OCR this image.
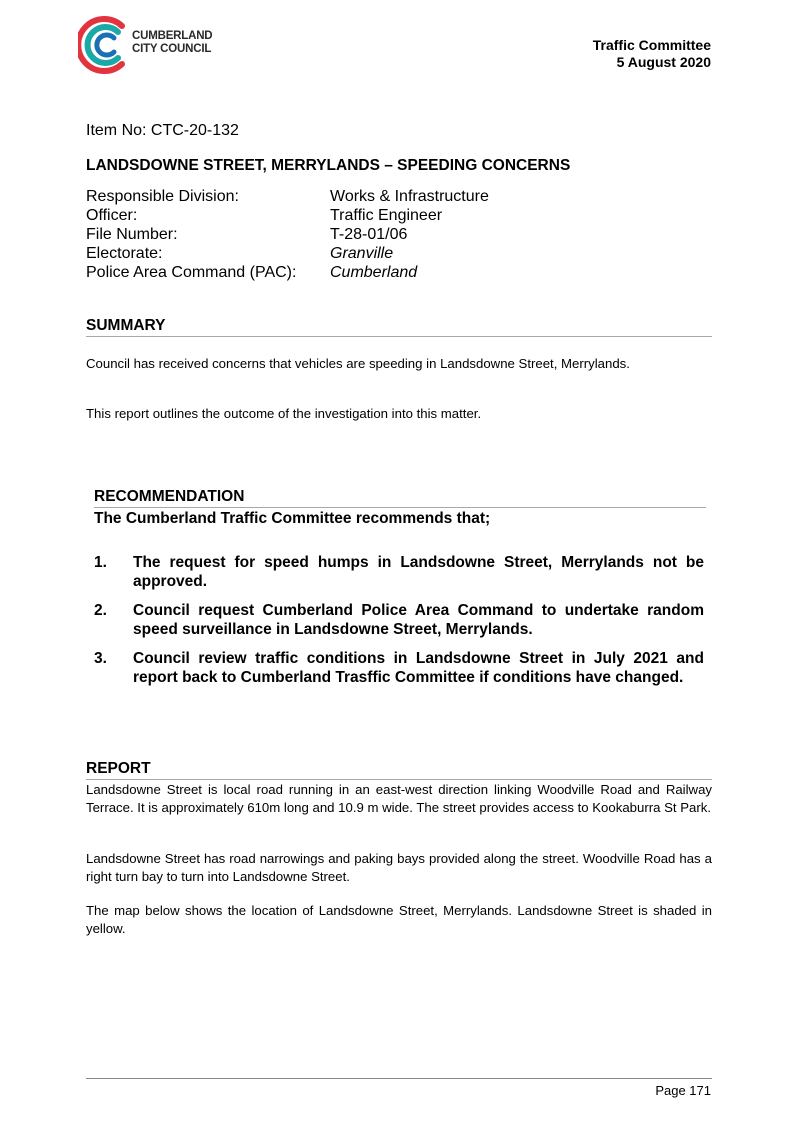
CUMBERLAND
CITY COUNCIL	Traffic Committee
5 August 2020
Item No: CTC-20-132
LANDSDOWNE STREET, MERRYLANDS – SPEEDING CONCERNS
Responsible Division:	Works & Infrastructure
Officer:	Traffic Engineer
File Number:	T-28-01/06
Electorate:	Granville
Police Area Command (PAC):	Cumberland
SUMMARY
Council has received concerns that vehicles are speeding in Landsdowne Street, Merrylands.
This report outlines the outcome of the investigation into this matter.
RECOMMENDATION
The Cumberland Traffic Committee recommends that;
1.	The request for speed humps in Landsdowne Street, Merrylands not be approved.
2.	Council request Cumberland Police Area Command to undertake random speed surveillance in Landsdowne Street, Merrylands.
3.	Council review traffic conditions in Landsdowne Street in July 2021 and report back to Cumberland Trasffic Committee if conditions have changed.
REPORT
Landsdowne Street is local road running in an east-west direction linking Woodville Road and Railway Terrace. It is approximately 610m long and 10.9 m wide. The street provides access to Kookaburra St Park.
Landsdowne Street has road narrowings and paking bays provided along the street. Woodville Road has a right turn bay to turn into Landsdowne Street.
The map below shows the location of Landsdowne Street, Merrylands. Landsdowne Street is shaded in yellow.
Page 171
